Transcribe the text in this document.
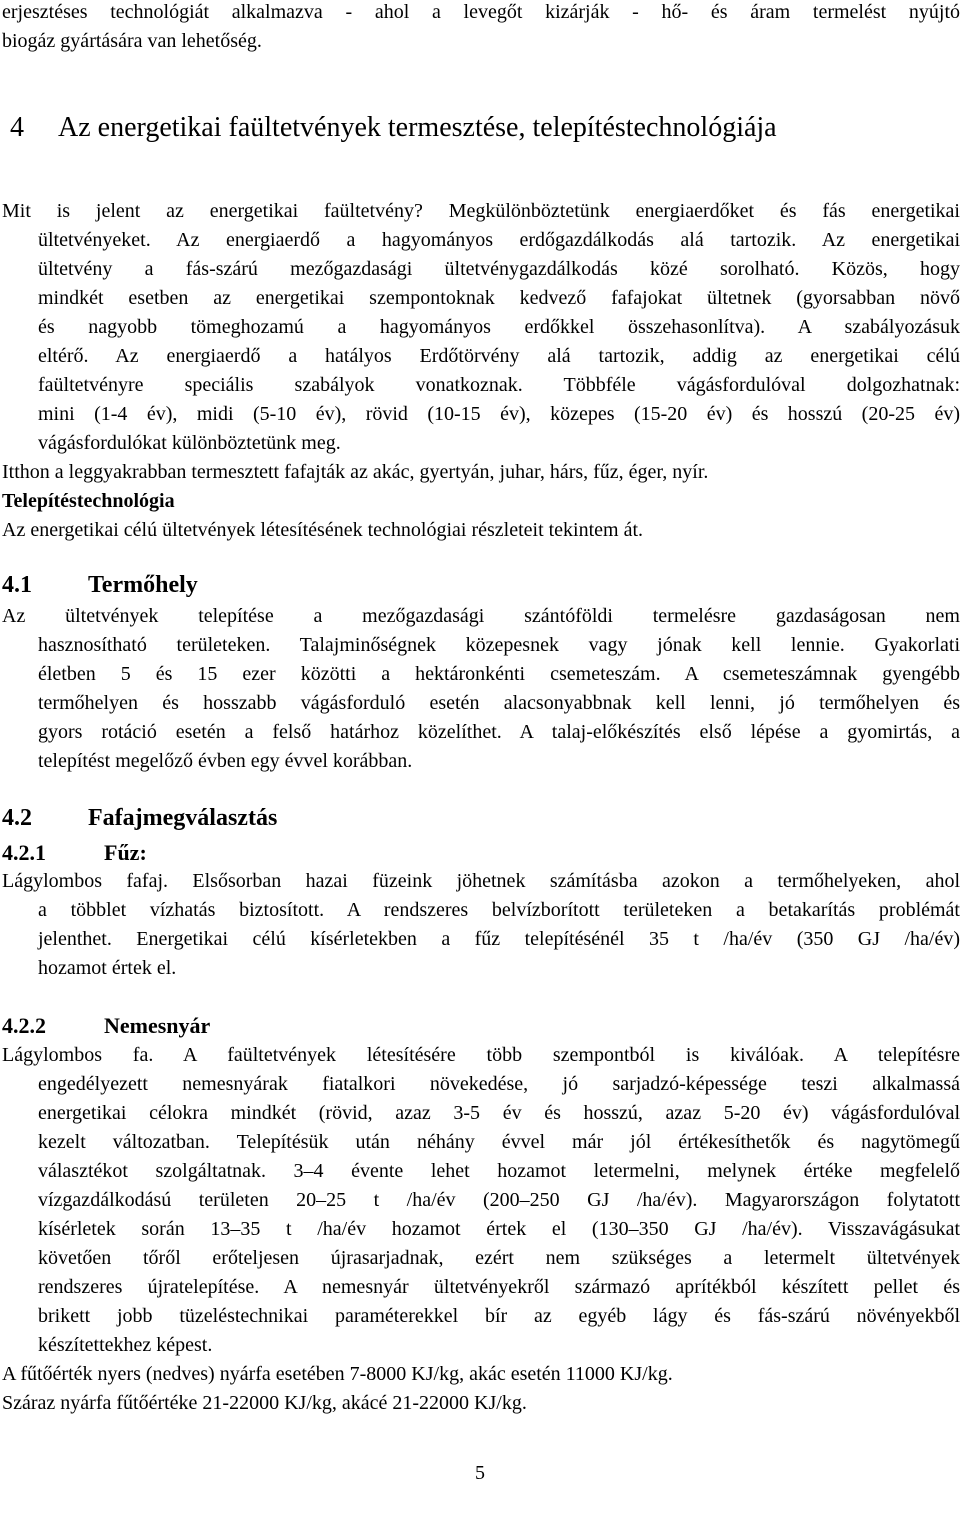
erjesztéses technológiát alkalmazva - ahol a levegőt kizárják - hő- és áram termelést nyújtó
biogáz gyártására van lehetőség.
4 Az energetikai faültetvények termesztése, telepítéstechnológiája
Mit is jelent az energetikai faültetvény? Megkülönböztetünk energiaerdőket és fás energetikai
ültetvényeket. Az energiaerdő a hagyományos erdőgazdálkodás alá tartozik. Az energetikai
ültetvény a fás-szárú mezőgazdasági ültetvénygazdálkodás közé sorolható. Közös, hogy
mindkét esetben az energetikai szempontoknak kedvező fafajokat ültetnek (gyorsabban növő
és nagyobb tömeghozamú a hagyományos erdőkkel összehasonlítva). A szabályozásuk
eltérő. Az energiaerdő a hatályos Erdőtörvény alá tartozik, addig az energetikai célú
faültetvényre speciális szabályok vonatkoznak. Többféle vágásfordulóval dolgozhatnak:
mini (1-4 év), midi (5-10 év), rövid (10-15 év), közepes (15-20 év) és hosszú (20-25 év)
vágásfordulókat különböztetünk meg.
Itthon a leggyakrabban termesztett fafajták az akác, gyertyán, juhar, hárs, fűz, éger, nyír.
Telepítéstechnológia
Az energetikai célú ültetvények létesítésének technológiai részleteit tekintem át.
4.1 Termőhely
Az ültetvények telepítése a mezőgazdasági szántóföldi termelésre gazdaságosan nem
hasznosítható területeken. Talajminőségnek közepesnek vagy jónak kell lennie. Gyakorlati
életben 5 és 15 ezer közötti a hektáronkénti csemeteszám. A csemeteszámnak gyengébb
termőhelyen és hosszabb vágásforduló esetén alacsonyabbnak kell lenni, jó termőhelyen és
gyors rotáció esetén a felső határhoz közelíthet. A talaj-előkészítés első lépése a gyomirtás, a
telepítést megelőző évben egy évvel korábban.
4.2 Fafajmegválasztás
4.2.1	Fűz:
Lágylombos fafaj. Elsősorban hazai füzeink jöhetnek számításba azokon a termőhelyeken, ahol
a többlet vízhatás biztosított. A rendszeres belvízborított területeken a betakarítás problémát
jelenthet. Energetikai célú kísérletekben a fűz telepítésénél 35 t /ha/év (350 GJ /ha/év)
hozamot értek el.
4.2.2	Nemesnyár
Lágylombos fa. A faültetvények létesítésére több szempontból is kiválóak. A telepítésre
engedélyezett nemesnyárak fiatalkori növekedése, jó sarjadzó-képessége teszi alkalmassá
energetikai célokra mindkét (rövid, azaz 3-5 év és hosszú, azaz 5-20 év) vágásfordulóval
kezelt változatban. Telepítésük után néhány évvel már jól értékesíthetők és nagytömegű
választékot szolgáltatnak. 3–4 évente lehet hozamot letermelni, melynek értéke megfelelő
vízgazdálkodású területen 20–25 t /ha/év (200–250 GJ /ha/év). Magyarországon folytatott
kísérletek során 13–35 t /ha/év hozamot értek el (130–350 GJ /ha/év). Visszavágásukat
követően tőről erőteljesen újrasarjadnak, ezért nem szükséges a letermelt ültetvények
rendszeres újratelepítése. A nemesnyár ültetvényekről származó aprítékból készített pellet és
brikett jobb tüzeléstechnikai paraméterekkel bír az egyéb lágy és fás-szárú növényekből
készítettekhez képest.
A fűtőérték nyers (nedves) nyárfa esetében 7-8000 KJ/kg, akác esetén 11000 KJ/kg.
Száraz nyárfa fűtőértéke 21-22000 KJ/kg, akácé 21-22000 KJ/kg.
5
